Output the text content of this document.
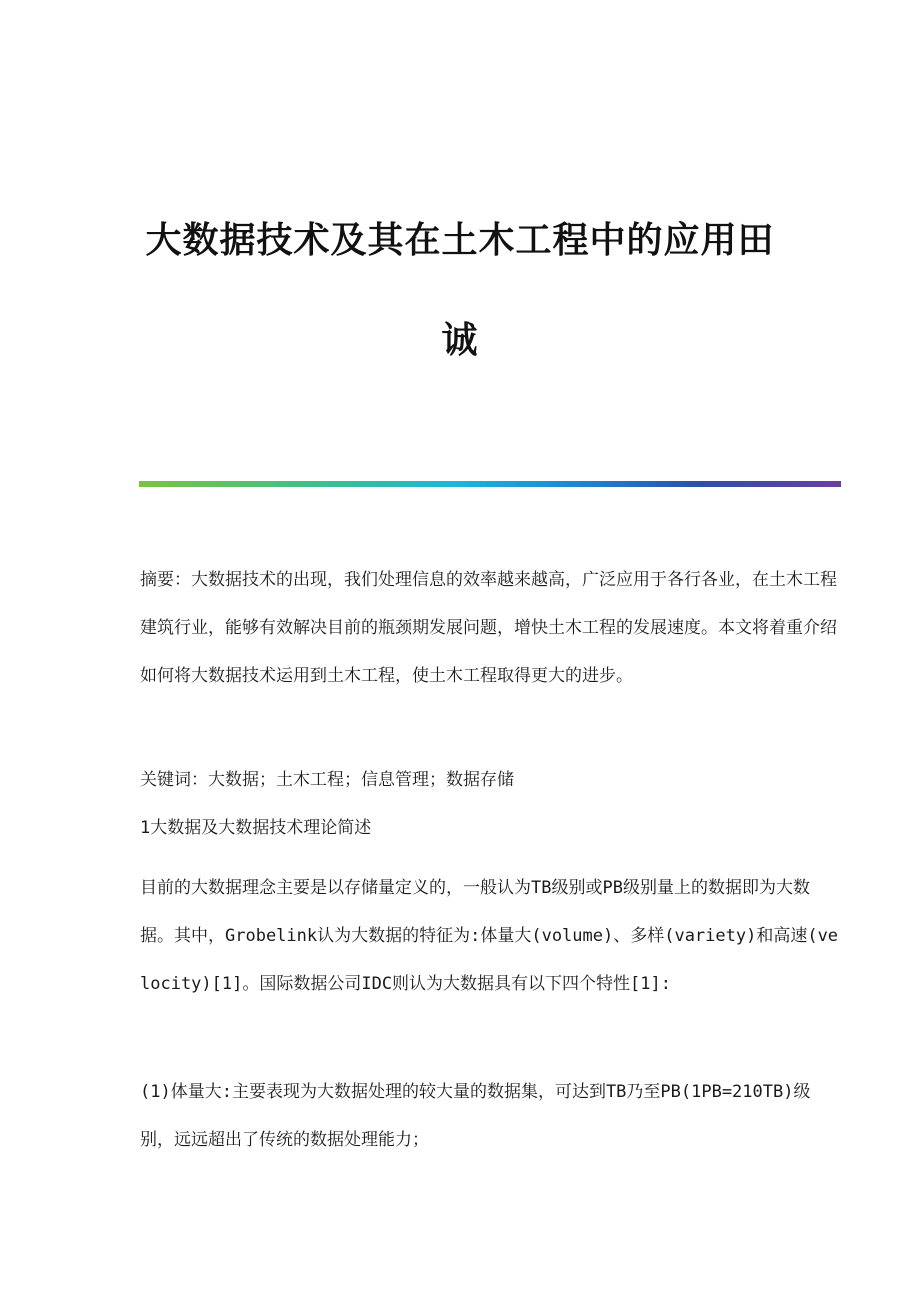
大数据技术及其在土木工程中的应用田
诚

摘要：大数据技术的出现，我们处理信息的效率越来越高，广泛应用于各行各业，在土木工程建筑行业，能够有效解决目前的瓶颈期发展问题，增快土木工程的发展速度。本文将着重介绍如何将大数据技术运用到土木工程，使土木工程取得更大的进步。

关键词：大数据；土木工程；信息管理；数据存储

1大数据及大数据技术理论简述

目前的大数据理念主要是以存储量定义的，一般认为TB级别或PB级别量上的数据即为大数据。其中，Grobelink认为大数据的特征为:体量大(volume)、多样(variety)和高速(velocity)[1]。国际数据公司IDC则认为大数据具有以下四个特性[1]:

(1)体量大:主要表现为大数据处理的较大量的数据集，可达到TB乃至PB(1PB=210TB)级别，远远超出了传统的数据处理能力；
